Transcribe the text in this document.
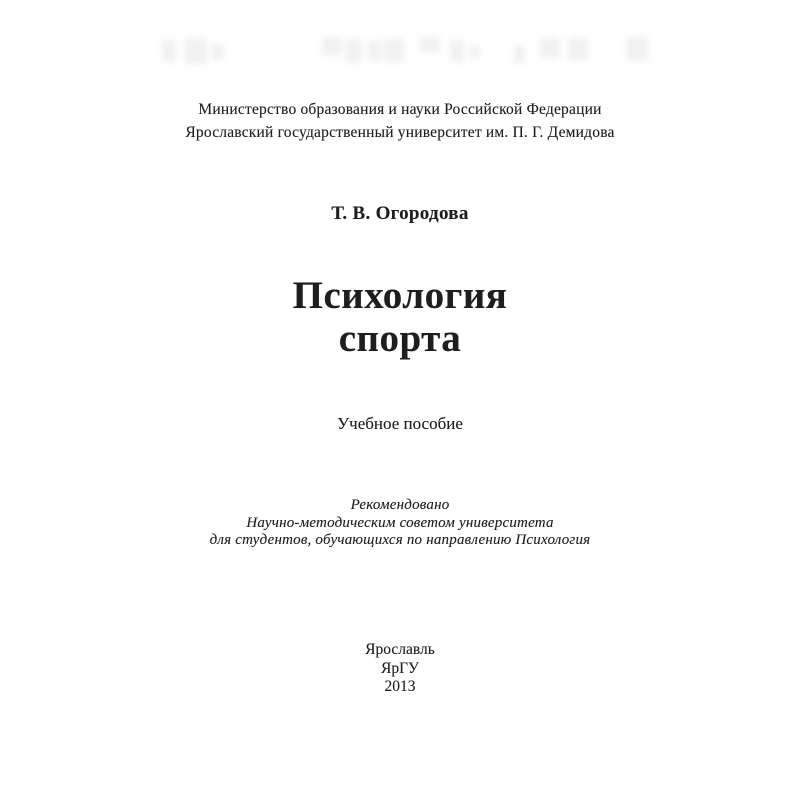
Министерство образования и науки Российской Федерации
Ярославский государственный университет им. П. Г. Демидова
Т. В. Огородова
Психология
спорта
Учебное пособие
Рекомендовано
Научно-методическим советом университета
для студентов, обучающихся по направлению Психология
Ярославль
ЯрГУ
2013
